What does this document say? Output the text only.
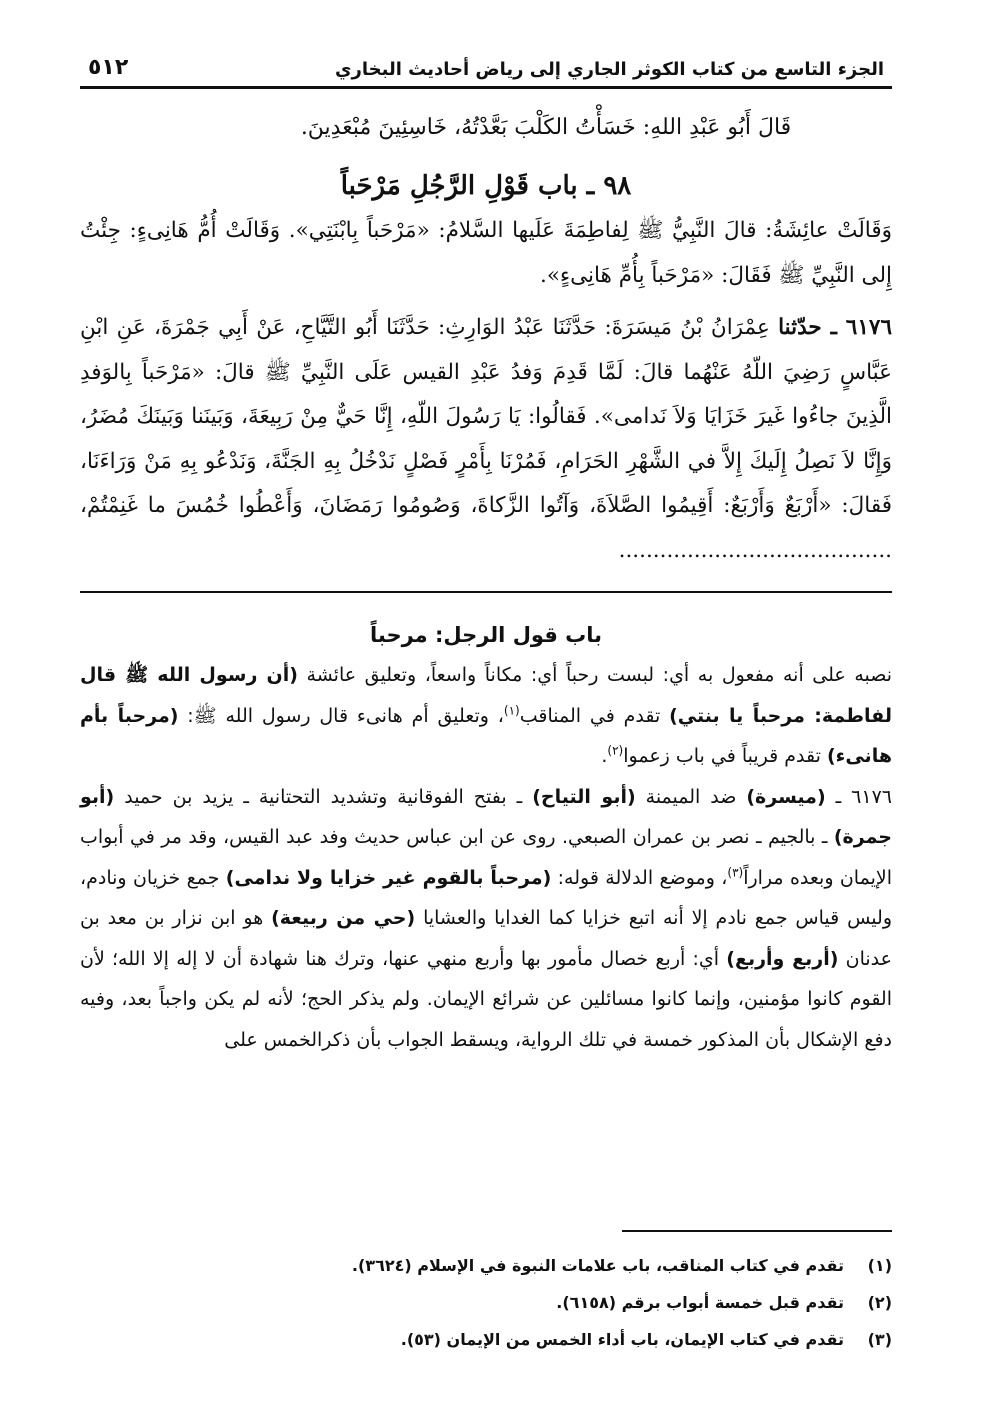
الجزء التاسع من كتاب الكوثر الجاري إلى رياض أحاديث البخاري
٥١٢
قَالَ أَبُو عَبْدِ اللهِ: خَسَأْتُ الكَلْبَ بَعَّدْتُهُ، خَاسِئِينَ مُبْعَدِينَ.
٩٨ ـ باب قَوْلِ الرَّجُلِ مَرْحَباً

وَقَالَتْ عائِشَةُ: قالَ النَّبِيُّ ﷺ لِفاطِمَةَ عَلَيها السَّلامُ: «مَرْحَباً بِابْنَتِي». وَقَالَتْ أُمُّ هَانِىءٍ: جِئْتُ إِلى النَّبِيِّ ﷺ فَقَالَ: «مَرْحَباً بِأُمِّ هَانِىءٍ».

٦١٧٦ ـ حدّثنا عِمْرَانُ بْنُ مَيسَرَةَ: حَدَّثَنَا عَبْدُ الوَارِثِ: حَدَّثَنَا أَبُو التَّيَّاحِ، عَنْ أَبِي جَمْرَةَ، عَنِ ابْنِ عَبَّاسٍ رَضِيَ اللّهُ عَنْهُما قالَ: لَمَّا قَدِمَ وَفدُ عَبْدِ القيس عَلَى النَّبِيِّ ﷺ قالَ: «مَرْحَباً بِالوَفدِ الَّذِينَ جاءُوا غَيرَ خَزَايَا وَلاَ نَدامى». فَقالُوا: يَا رَسُولَ اللّهِ، إِنَّا حَيٌّ مِنْ رَبِيعَةَ، وَبَينَنا وَبَينَكَ مُضَرُ، وَإِنَّا لاَ نَصِلُ إِلَيكَ إِلاَّ في الشَّهْرِ الحَرَامِ، فَمُرْنَا بِأَمْرٍ فَصْلٍ نَدْخُلُ بِهِ الجَنَّةَ، وَنَدْعُو بِهِ مَنْ وَرَاءَنَا، فَقالَ: «أَرْبَعٌ وَأَرْبَعٌ: أَقِيمُوا الصَّلاَةَ، وَآتُوا الزَّكاةَ، وَصُومُوا رَمَضَانَ، وَأَعْطُوا خُمُسَ ما غَنِمْتُمْ، ........................................

باب قول الرجل: مرحباً

نصبه على أنه مفعول به أي: لبست رحباً أي: مكاناً واسعاً، وتعليق عائشة (أن رسول الله ﷺ قال لفاطمة: مرحباً يا بنتي) تقدم في المناقب$^{(١)}$، وتعليق أم هانىء قال رسول الله ﷺ: (مرحباً بأم هانىء) تقدم قريباً في باب زعموا$^{(٢)}$.

٦١٧٦ ـ (ميسرة) ضد الميمنة (أبو التياح) ـ بفتح الفوقانية وتشديد التحتانية ـ يزيد بن حميد (أبو جمرة) ـ بالجيم ـ نصر بن عمران الصبعي. روى عن ابن عباس حديث وفد عبد القيس، وقد مر في أبواب الإيمان وبعده مراراً$^{(٣)}$، وموضع الدلالة قوله: (مرحباً بالقوم غير خزايا ولا ندامى) جمع خزيان ونادم، وليس قياس جمع نادم إلا أنه اتبع خزايا كما الغدايا والعشايا (حي من ربيعة) هو ابن نزار بن معد بن عدنان (أربع وأربع) أي: أربع خصال مأمور بها وأربع منهي عنها، وترك هنا شهادة أن لا إله إلا الله؛ لأن القوم كانوا مؤمنين، وإنما كانوا مسائلين عن شرائع الإيمان. ولم يذكر الحج؛ لأنه لم يكن واجباً بعد، وفيه دفع الإشكال بأن المذكور خمسة في تلك الرواية، ويسقط الجواب بأن ذكرالخمس على

(١)
تقدم في كتاب المناقب، باب علامات النبوة في الإسلام (٣٦٢٤).
(٢)
تقدم قبل خمسة أبواب برقم (٦١٥٨).
(٣)
تقدم في كتاب الإيمان، باب أداء الخمس من الإيمان (٥٣).
